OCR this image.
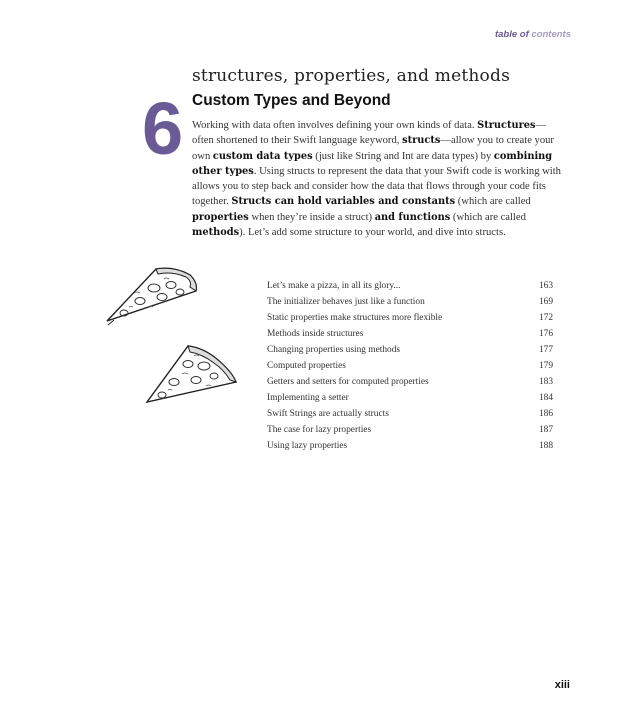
table of contents
6
structures, properties, and methods
Custom Types and Beyond
Working with data often involves defining your own kinds of data. Structures—often shortened to their Swift language keyword, structs—allow you to create your own custom data types (just like String and Int are data types) by combining other types. Using structs to represent the data that your Swift code is working with allows you to step back and consider how the data that flows through your code fits together. Structs can hold variables and constants (which are called properties when they’re inside a struct) and functions (which are called methods). Let’s add some structure to your world, and dive into structs.
Let’s make a pizza, in all its glory...	163
The initializer behaves just like a function	169
Static properties make structures more flexible	172
Methods inside structures	176
Changing properties using methods	177
Computed properties	179
Getters and setters for computed properties	183
Implementing a setter	184
Swift Strings are actually structs	186
The case for lazy properties	187
Using lazy properties	188
xiii
